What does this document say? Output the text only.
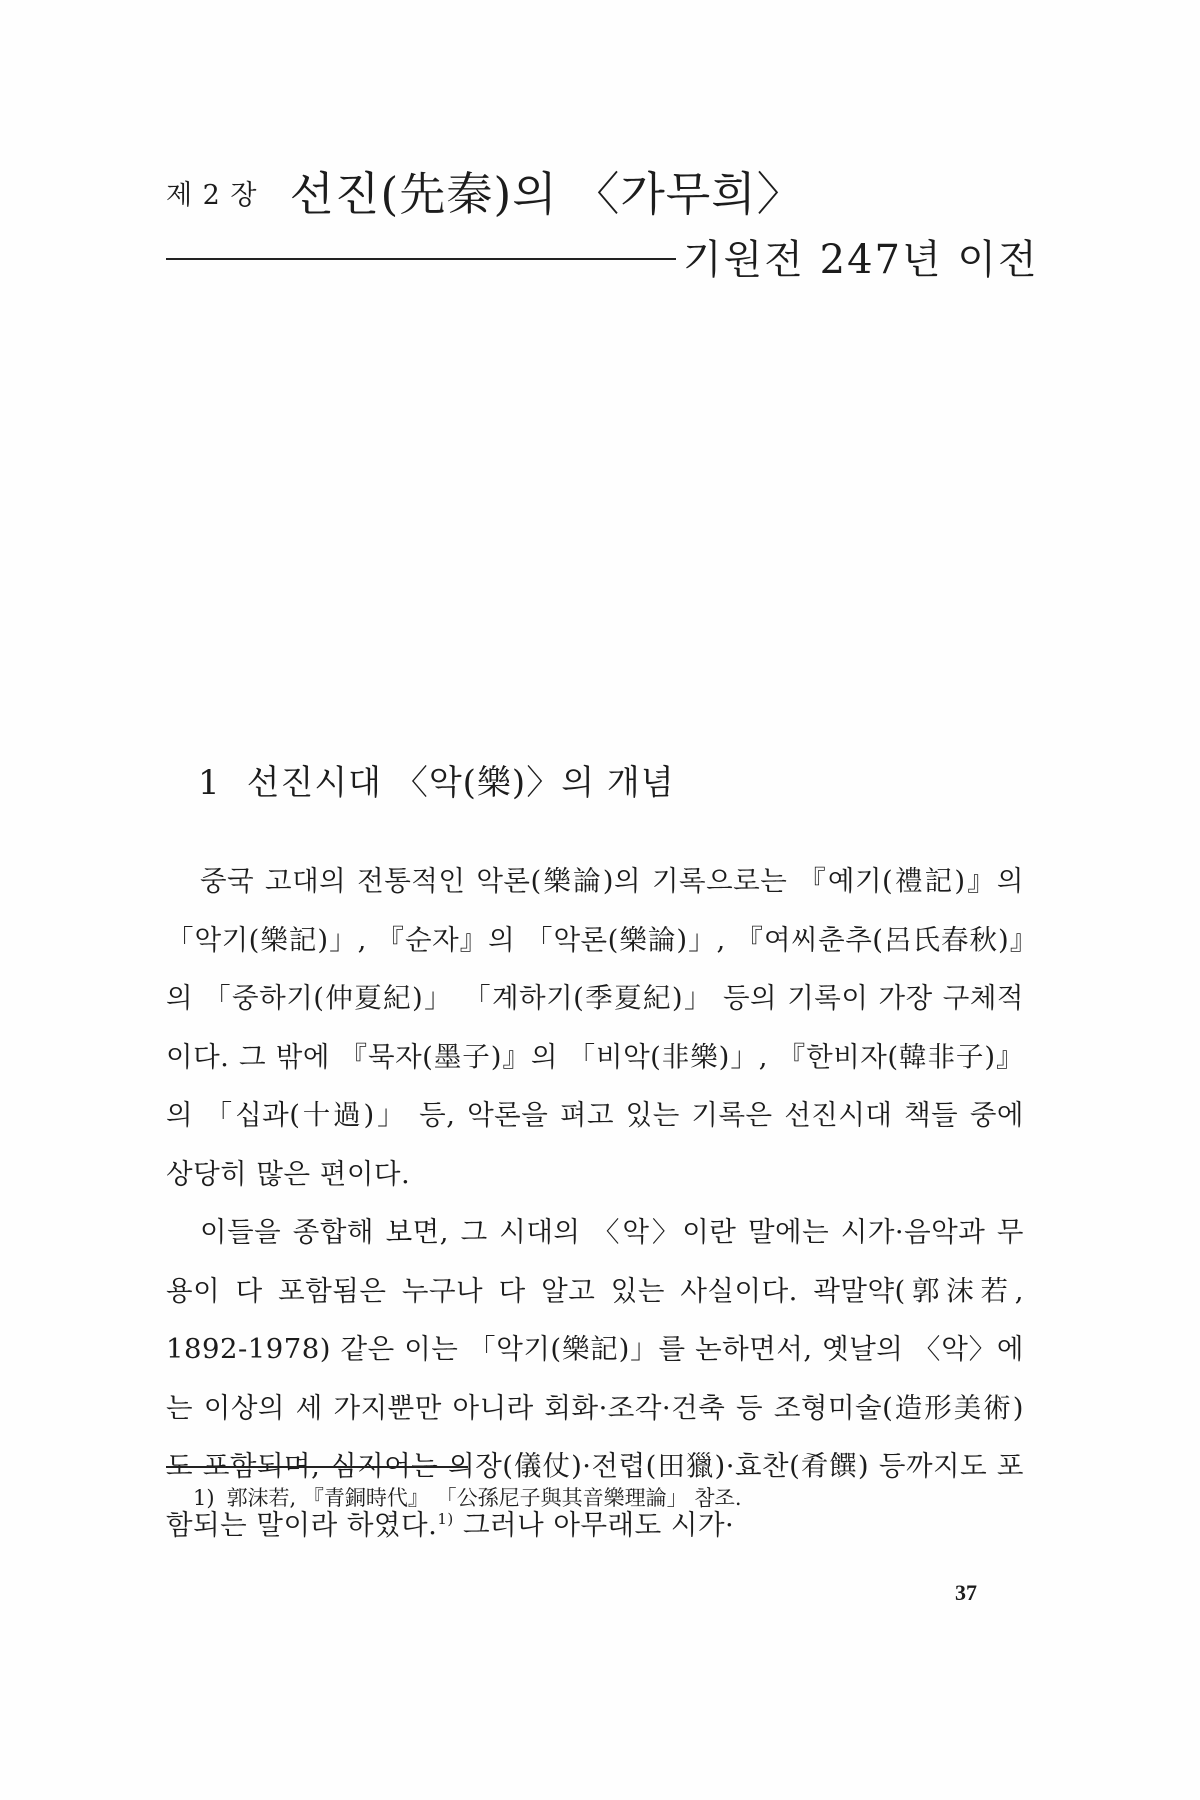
제 2 장 선진(先秦)의 〈가무희〉
기원전 247년 이전
1 선진시대 〈악(樂)〉의 개념

중국 고대의 전통적인 악론(樂論)의 기록으로는 『예기(禮記)』의 「악기(樂記)」, 『순자』의 「악론(樂論)」, 『여씨춘추(呂氏春秋)』의 「중하기(仲夏紀)」 「계하기(季夏紀)」 등의 기록이 가장 구체적이다. 그 밖에 『묵자(墨子)』의 「비악(非樂)」, 『한비자(韓非子)』의 「십과(十過)」 등, 악론을 펴고 있는 기록은 선진시대 책들 중에 상당히 많은 편이다.

이들을 종합해 보면, 그 시대의 〈악〉이란 말에는 시가·음악과 무용이 다 포함됨은 누구나 다 알고 있는 사실이다. 곽말약(郭沫若, 1892-1978) 같은 이는 「악기(樂記)」를 논하면서, 옛날의 〈악〉에는 이상의 세 가지뿐만 아니라 회화·조각·건축 등 조형미술(造形美術)도 포함되며, 심지어는 의장(儀仗)·전렵(田獵)·효찬(肴饌) 등까지도 포함되는 말이라 하였다.$^{1)}$ 그러나 아무래도 시가·

1) 郭沫若, 『青銅時代』 「公孫尼子與其音樂理論」 참조.
37
